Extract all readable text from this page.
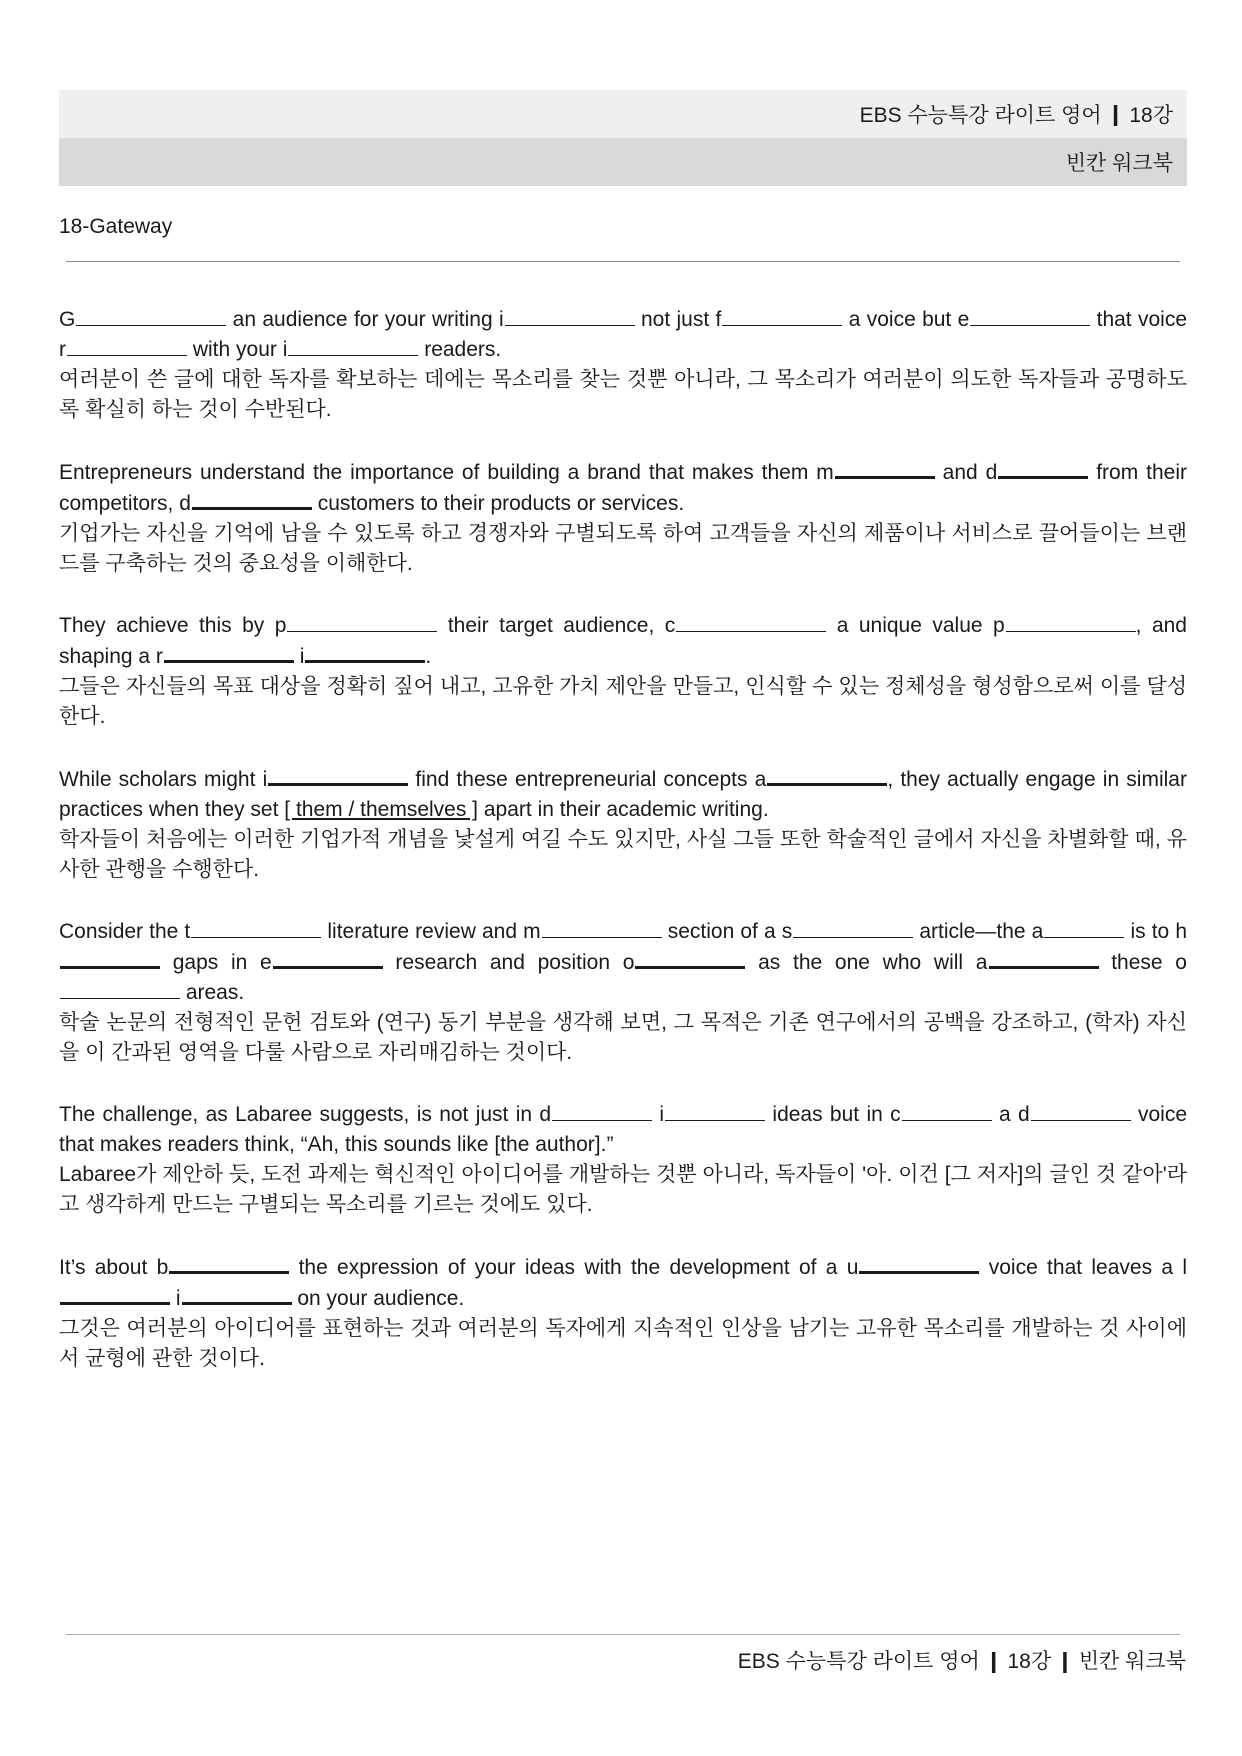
EBS 수능특강 라이트 영어 ❙ 18강
빈칸 워크북
18-Gateway

G	an audience for your writing i	not just f	a voice but e	that voice r	with your i	readers.

여러분이 쓴 글에 대한 독자를 확보하는 데에는 목소리를 찾는 것뿐 아니라, 그 목소리가 여러분이 의도한 독자들과 공명하도록 확실히 하는 것이 수반된다.

Entrepreneurs understand the importance of building a brand that makes them m	and d	from their competitors, d	customers to their products or services.

기업가는 자신을 기억에 남을 수 있도록 하고 경쟁자와 구별되도록 하여 고객들을 자신의 제품이나 서비스로 끌어들이는 브랜드를 구축하는 것의 중요성을 이해한다.

They achieve this by p	their target audience, c	a unique value p	, and shaping a r	i	.

그들은 자신들의 목표 대상을 정확히 짚어 내고, 고유한 가치 제안을 만들고, 인식할 수 있는 정체성을 형성함으로써 이를 달성한다.

While scholars might i	find these entrepreneurial concepts a	, they actually engage in similar practices when they set [ them / themselves ] apart in their academic writing.

학자들이 처음에는 이러한 기업가적 개념을 낯설게 여길 수도 있지만, 사실 그들 또한 학술적인 글에서 자신을 차별화할 때, 유사한 관행을 수행한다.

Consider the t	literature review and m	section of a s	article—the a	is to h gaps in e	research and position o	as the one who will a	these o areas.

학술 논문의 전형적인 문헌 검토와 (연구) 동기 부분을 생각해 보면, 그 목적은 기존 연구에서의 공백을 강조하고, (학자) 자신을 이 간과된 영역을 다룰 사람으로 자리매김하는 것이다.

The challenge, as Labaree suggests, is not just in d	i	ideas but in c	a d	voice that makes readers think, “Ah, this sounds like [the author].”

Labaree가 제안하 듯, 도전 과제는 혁신적인 아이디어를 개발하는 것뿐 아니라, 독자들이 '아. 이건 [그 저자]의 글인 것 같아'라고 생각하게 만드는 구별되는 목소리를 기르는 것에도 있다.

It’s about b	the expression of your ideas with the development of a u	voice that leaves a l i	on your audience.

그것은 여러분의 아이디어를 표현하는 것과 여러분의 독자에게 지속적인 인상을 남기는 고유한 목소리를 개발하는 것 사이에서 균형에 관한 것이다.

EBS 수능특강 라이트 영어 ❙ 18강 ❙ 빈칸 워크북
